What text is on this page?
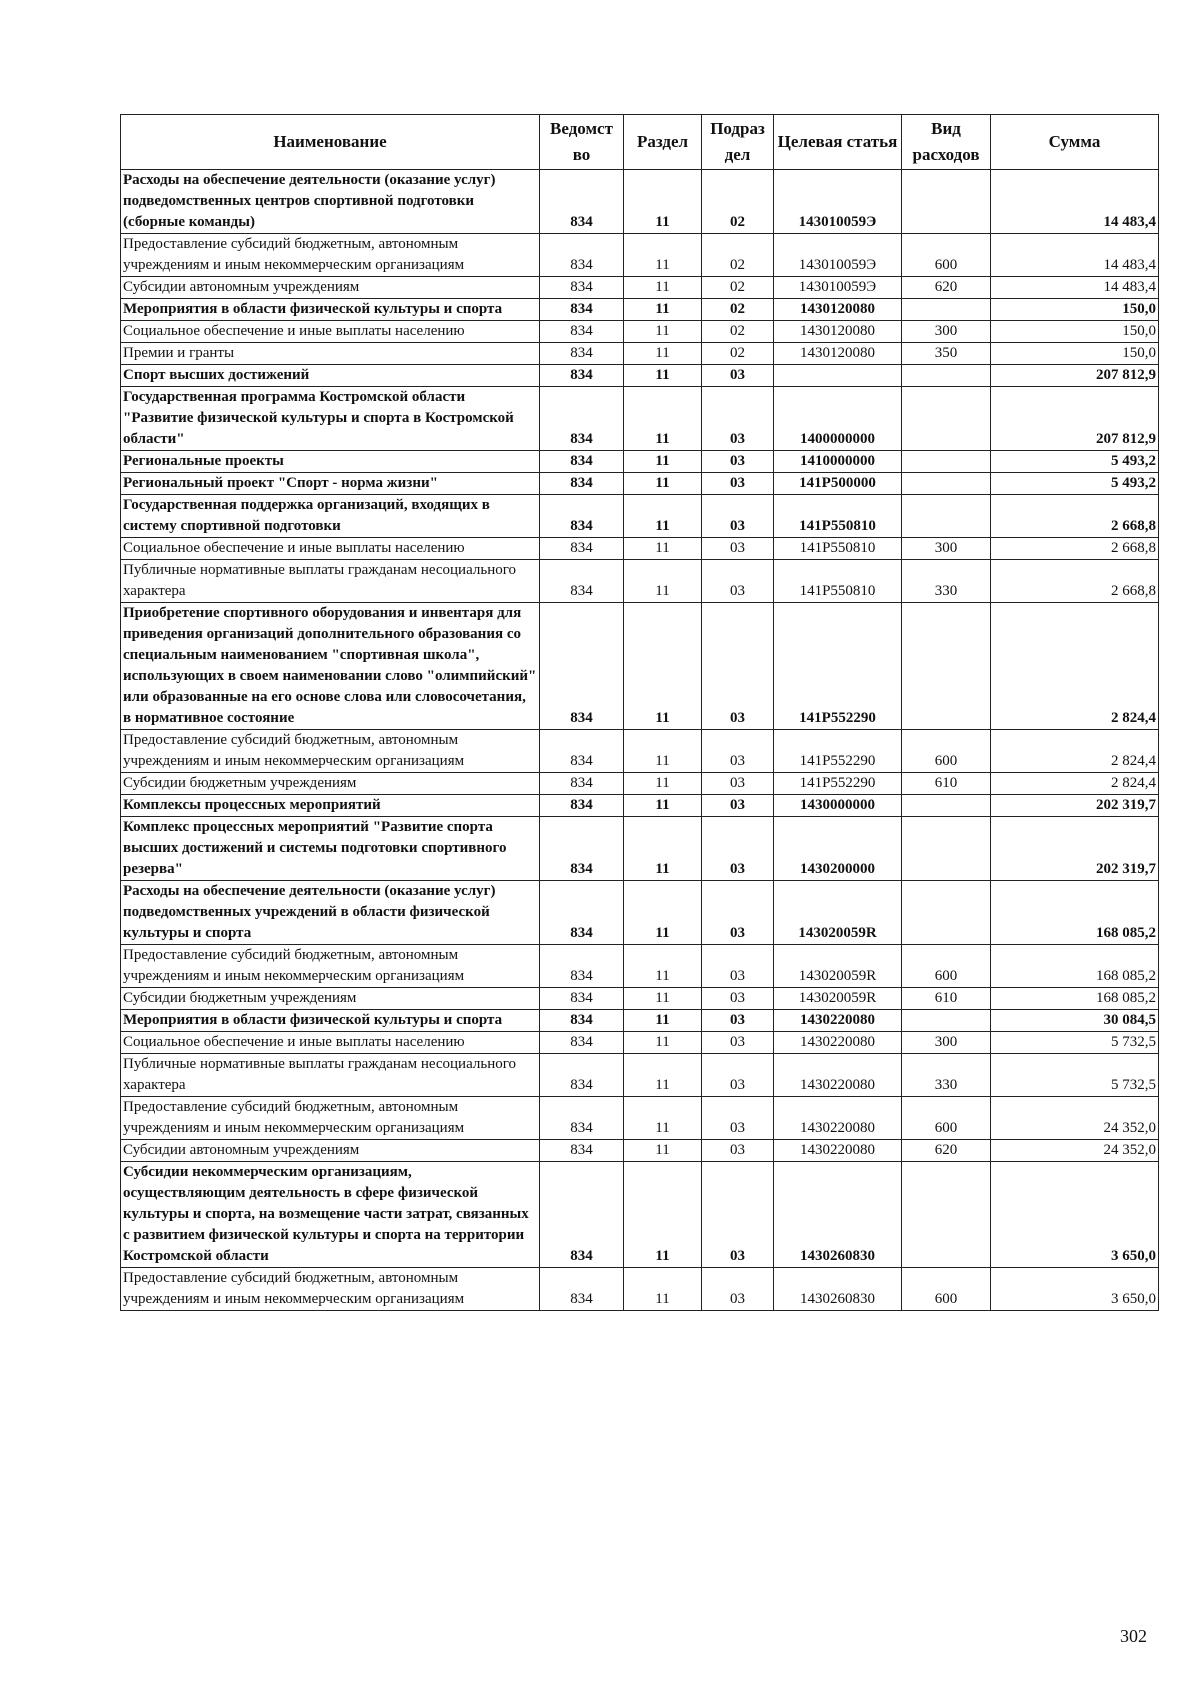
Наименование	Ведомст во	Раздел	Подраз дел	Целевая статья	Вид расходов	Сумма
Расходы на обеспечение деятельности (оказание услуг) подведомственных центров спортивной подготовки (сборные команды)	834	11	02	143010059Э		14 483,4
Предоставление субсидий бюджетным, автономным учреждениям и иным некоммерческим организациям	834	11	02	143010059Э	600	14 483,4
Субсидии автономным учреждениям	834	11	02	143010059Э	620	14 483,4
Мероприятия в области физической культуры и спорта	834	11	02	1430120080		150,0
Социальное обеспечение и иные выплаты населению	834	11	02	1430120080	300	150,0
Премии и гранты	834	11	02	1430120080	350	150,0
Спорт высших достижений	834	11	03			207 812,9
Государственная программа Костромской области "Развитие физической культуры и спорта в Костромской области"	834	11	03	1400000000		207 812,9
Региональные проекты	834	11	03	1410000000		5 493,2
Региональный проект "Спорт - норма жизни"	834	11	03	141P500000		5 493,2
Государственная поддержка организаций, входящих в систему спортивной подготовки	834	11	03	141P550810		2 668,8
Социальное обеспечение и иные выплаты населению	834	11	03	141P550810	300	2 668,8
Публичные нормативные выплаты гражданам несоциального характера	834	11	03	141P550810	330	2 668,8
Приобретение спортивного оборудования и инвентаря для приведения организаций дополнительного образования со специальным наименованием "спортивная школа", использующих в своем наименовании слово "олимпийский" или образованные на его основе слова или словосочетания, в нормативное состояние	834	11	03	141P552290		2 824,4
Предоставление субсидий бюджетным, автономным учреждениям и иным некоммерческим организациям	834	11	03	141P552290	600	2 824,4
Субсидии бюджетным учреждениям	834	11	03	141P552290	610	2 824,4
Комплексы процессных мероприятий	834	11	03	1430000000		202 319,7
Комплекс процессных мероприятий "Развитие спорта высших достижений и системы подготовки спортивного резерва"	834	11	03	1430200000		202 319,7
Расходы на обеспечение деятельности (оказание услуг) подведомственных учреждений в области физической культуры и спорта	834	11	03	143020059R		168 085,2
Предоставление субсидий бюджетным, автономным учреждениям и иным некоммерческим организациям	834	11	03	143020059R	600	168 085,2
Субсидии бюджетным учреждениям	834	11	03	143020059R	610	168 085,2
Мероприятия в области физической культуры и спорта	834	11	03	1430220080		30 084,5
Социальное обеспечение и иные выплаты населению	834	11	03	1430220080	300	5 732,5
Публичные нормативные выплаты гражданам несоциального характера	834	11	03	1430220080	330	5 732,5
Предоставление субсидий бюджетным, автономным учреждениям и иным некоммерческим организациям	834	11	03	1430220080	600	24 352,0
Субсидии автономным учреждениям	834	11	03	1430220080	620	24 352,0
Субсидии некоммерческим организациям, осуществляющим деятельность в сфере физической культуры и спорта, на возмещение части затрат, связанных с развитием физической культуры и спорта на территории Костромской области	834	11	03	1430260830		3 650,0
Предоставление субсидий бюджетным, автономным учреждениям и иным некоммерческим организациям	834	11	03	1430260830	600	3 650,0
302
